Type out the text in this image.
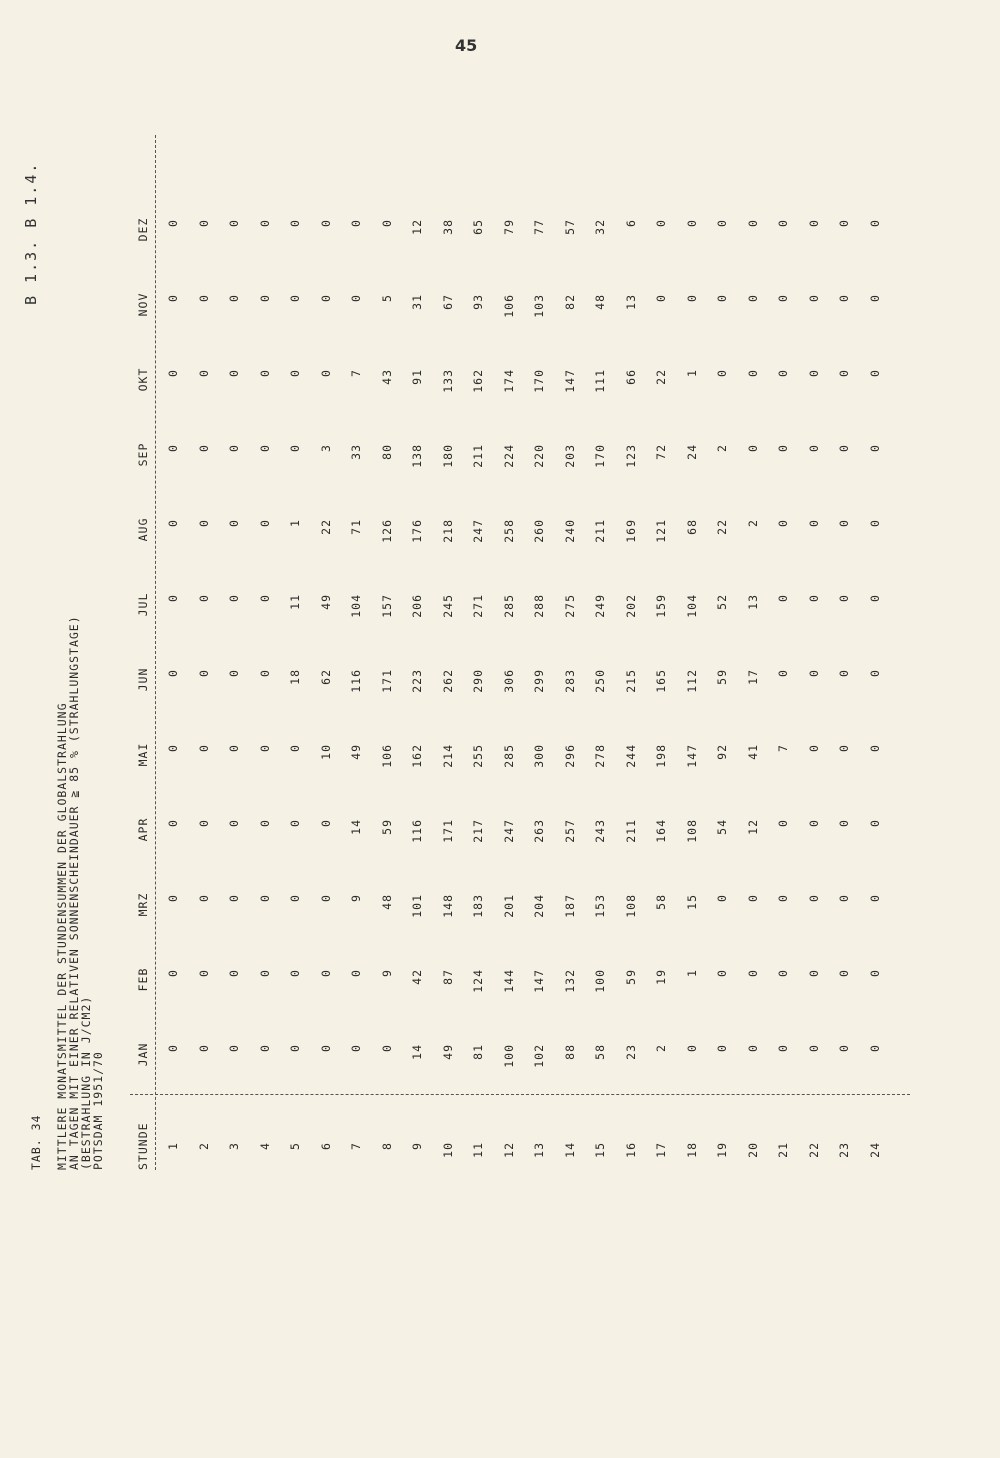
45
B 1.3. B 1.4.
TAB. 34 MITTLERE MONATSMITTEL DER STUNDENSUMMEN DER GLOBALSTRAHLUNG
AN TAGEN MIT EINER RELATIVEN SONNENSCHEINDAUER ≧ 85 % (STRAHLUNGSTAGE)
(BESTRAHLUNG IN J/CM2)
POTSDAM 1951/70	STUNDE
JAN
FEB
MRZ
APR
MAI
JUN
JUL
AUG
SEP
OKT
NOV
DEZ
1
0
0
0
0
0
0
0
0
0
0
0
0
2
0
0
0
0
0
0
0
0
0
0
0
0
3
0
0
0
0
0
0
0
0
0
0
0
0
4
0
0
0
0
0
0
0
0
0
0
0
0
5
0
0
0
0
0
18
11
1
0
0
0
0
6
0
0
0
0
10
62
49
22
3
0
0
0
7
0
0
9
14
49
116
104
71
33
7
0
0
8
0
9
48
59
106
171
157
126
80
43
5
0
9
14
42
101
116
162
223
206
176
138
91
31
12
10
49
87
148
171
214
262
245
218
180
133
67
38
11
81
124
183
217
255
290
271
247
211
162
93
65
12
100
144
201
247
285
306
285
258
224
174
106
79
13
102
147
204
263
300
299
288
260
220
170
103
77
14
88
132
187
257
296
283
275
240
203
147
82
57
15
58
100
153
243
278
250
249
211
170
111
48
32
16
23
59
108
211
244
215
202
169
123
66
13
6
17
2
19
58
164
198
165
159
121
72
22
0
0
18
0
1
15
108
147
112
104
68
24
1
0
0
19
0
0
0
54
92
59
52
22
2
0
0
0
20
0
0
0
12
41
17
13
2
0
0
0
0
21
0
0
0
0
7
0
0
0
0
0
0
0
22
0
0
0
0
0
0
0
0
0
0
0
0
23
0
0
0
0
0
0
0
0
0
0
0
0
24
0
0
0
0
0
0
0
0
0
0
0
0
